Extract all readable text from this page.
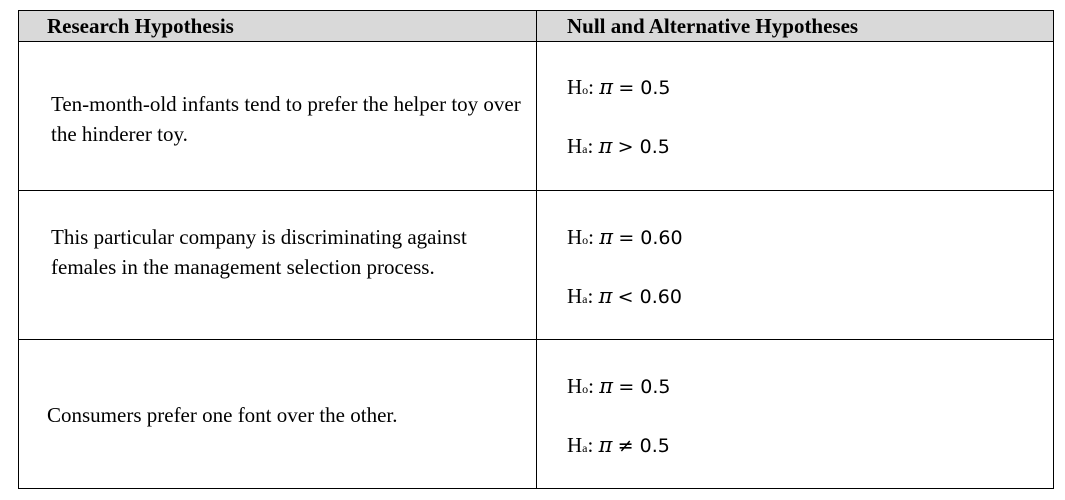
Research Hypothesis	Null and Alternative Hypotheses
Ten-month-old infants tend to prefer the helper toy over the hinderer toy.
Ho: π = 0.5
Ha: π > 0.5
This particular company is discriminating against females in the management selection process.
Ho: π = 0.60
Ha: π < 0.60
Consumers prefer one font over the other.
Ho: π = 0.5
Ha: π ≠ 0.5
